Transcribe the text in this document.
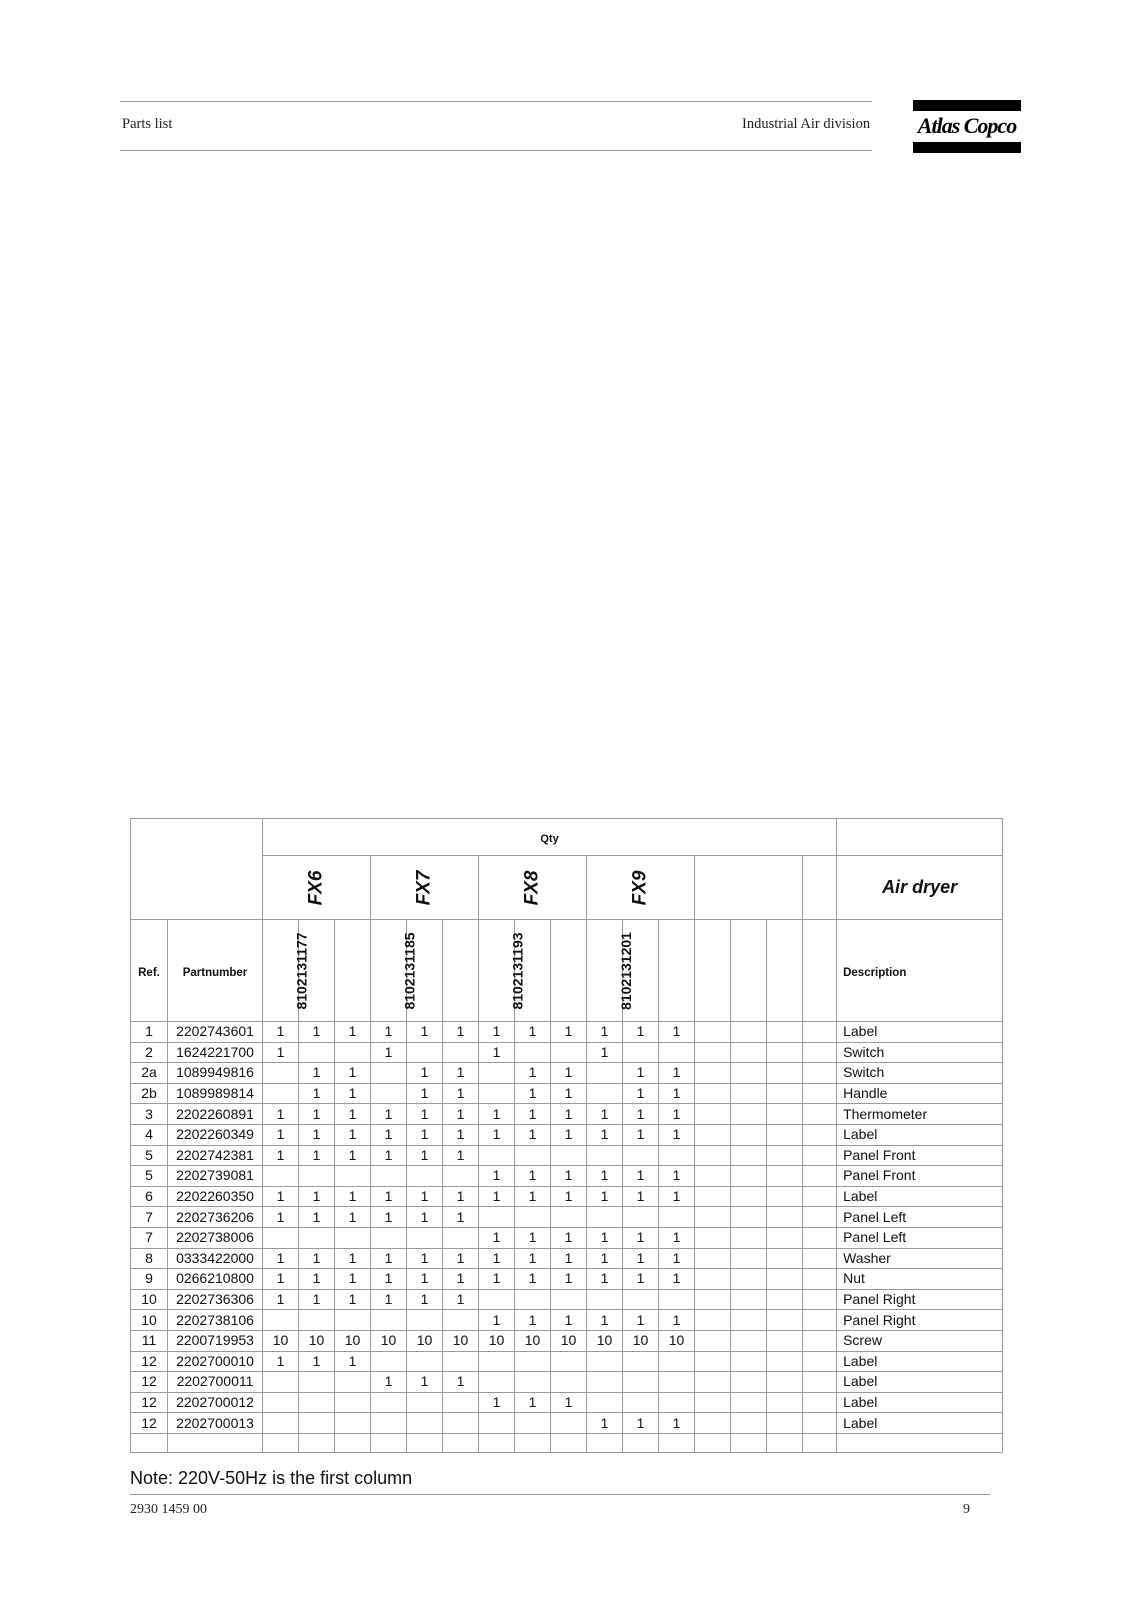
Parts list	Industrial Air division Atlas Copco
		Qty																
		FX6			FX7			FX8			FX9							Air dryer
Ref.	Partnumber	8102131177			8102131185			8102131193			8102131201							Description
1	2202743601	1	1	1	1	1	1	1	1	1	1	1	1					Label
2	1624221700	1			1			1			1							Switch
2a	1089949816		1	1		1	1		1	1		1	1					Switch
2b	1089989814		1	1		1	1		1	1		1	1					Handle
3	2202260891	1	1	1	1	1	1	1	1	1	1	1	1					Thermometer
4	2202260349	1	1	1	1	1	1	1	1	1	1	1	1					Label
5	2202742381	1	1	1	1	1	1											Panel Front
5	2202739081							1	1	1	1	1	1					Panel Front
6	2202260350	1	1	1	1	1	1	1	1	1	1	1	1					Label
7	2202736206	1	1	1	1	1	1											Panel Left
7	2202738006							1	1	1	1	1	1					Panel Left
8	0333422000	1	1	1	1	1	1	1	1	1	1	1	1					Washer
9	0266210800	1	1	1	1	1	1	1	1	1	1	1	1					Nut
10	2202736306	1	1	1	1	1	1											Panel Right
10	2202738106							1	1	1	1	1	1					Panel Right
11	2200719953	10	10	10	10	10	10	10	10	10	10	10	10					Screw
12	2202700010	1	1	1														Label
12	2202700011				1	1	1											Label
12	2202700012							1	1	1								Label
12	2202700013										1	1	1					Label

Note: 220V-50Hz is the first column
2930 1459 00	9
